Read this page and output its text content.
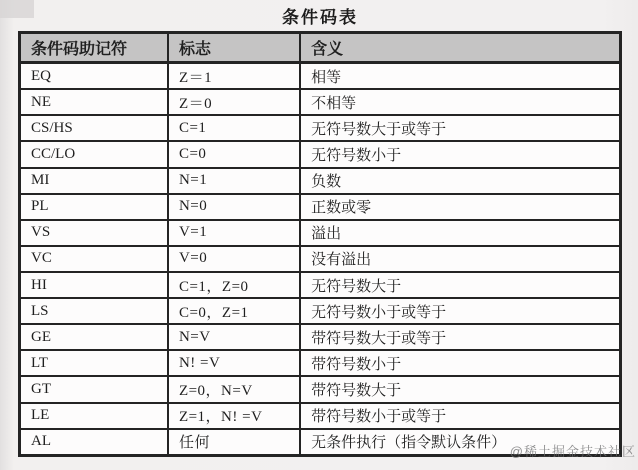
条件码表
条件码助记符	标志	含义
EQ	Z＝1	相等
NE	Z＝0	不相等
CS/HS	C=1	无符号数大于或等于
CC/LO	C=0	无符号数小于
MI	N=1	负数
PL	N=0	正数或零
VS	V=1	溢出
VC	V=0	没有溢出
HI	C=1，Z=0	无符号数大于
LS	C=0，Z=1	无符号数小于或等于
GE	N=V	带符号数大于或等于
LT	N! =V	带符号数小于
GT	Z=0，N=V	带符号数大于
LE	Z=1，N! =V	带符号数小于或等于
AL	任何	无条件执行（指令默认条件）
@稀土掘金技术社区
